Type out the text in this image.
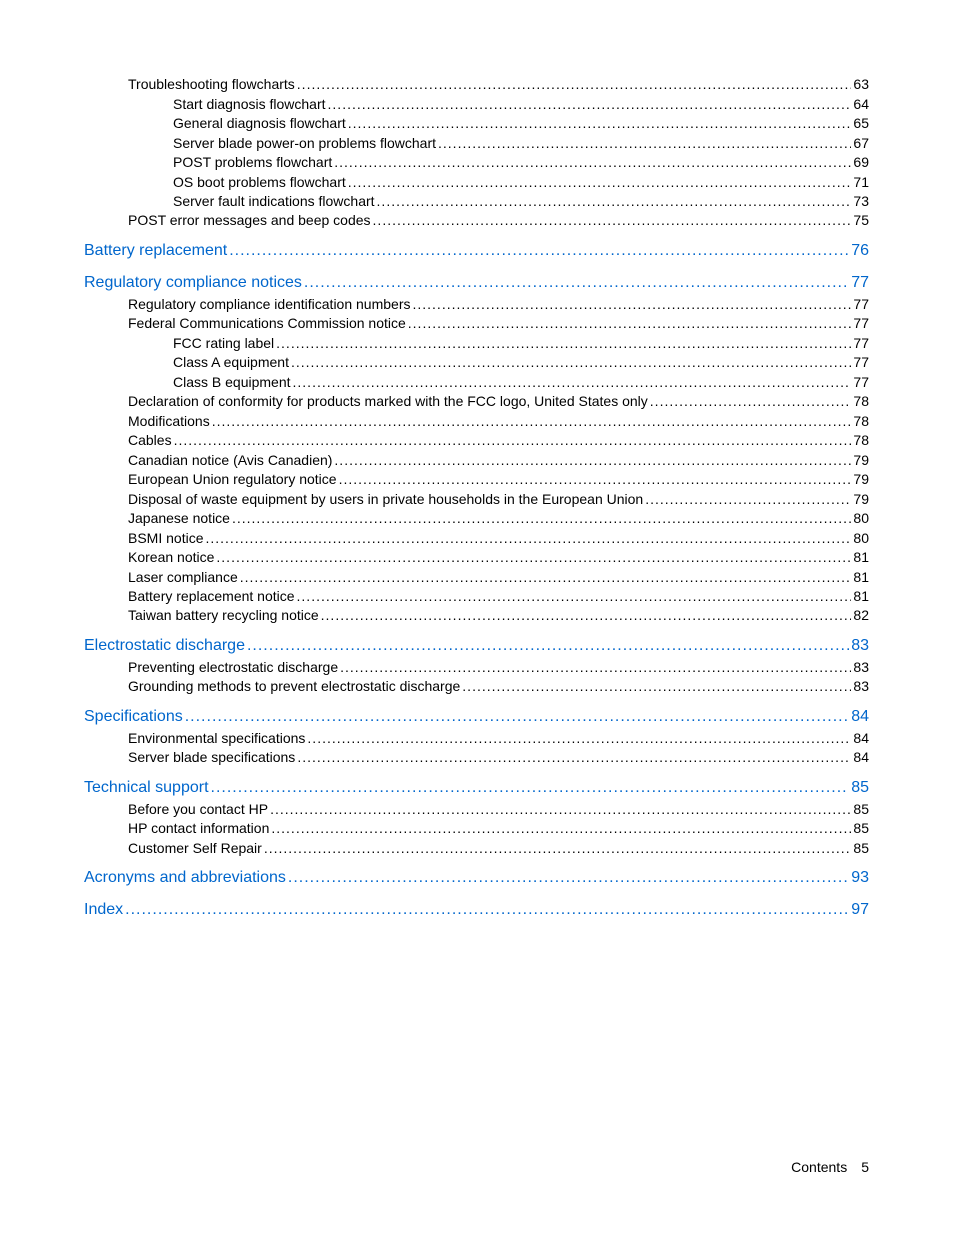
Troubleshooting flowcharts .....	63
Start diagnosis flowchart .....	64
General diagnosis flowchart .....	65
Server blade power-on problems flowchart .....	67
POST problems flowchart .....	69
OS boot problems flowchart .....	71
Server fault indications flowchart .....	73
POST error messages and beep codes .....	75
Battery replacement .....	76
Regulatory compliance notices .....	77
Regulatory compliance identification numbers .....	77
Federal Communications Commission notice .....	77
FCC rating label .....	77
Class A equipment .....	77
Class B equipment .....	77
Declaration of conformity for products marked with the FCC logo, United States only .....	78
Modifications .....	78
Cables .....	78
Canadian notice (Avis Canadien) .....	79
European Union regulatory notice .....	79
Disposal of waste equipment by users in private households in the European Union .....	79
Japanese notice .....	80
BSMI notice .....	80
Korean notice .....	81
Laser compliance .....	81
Battery replacement notice .....	81
Taiwan battery recycling notice .....	82
Electrostatic discharge .....	83
Preventing electrostatic discharge .....	83
Grounding methods to prevent electrostatic discharge .....	83
Specifications .....	84
Environmental specifications .....	84
Server blade specifications .....	84
Technical support .....	85
Before you contact HP .....	85
HP contact information .....	85
Customer Self Repair .....	85
Acronyms and abbreviations .....	93
Index .....	97
Contents 5
